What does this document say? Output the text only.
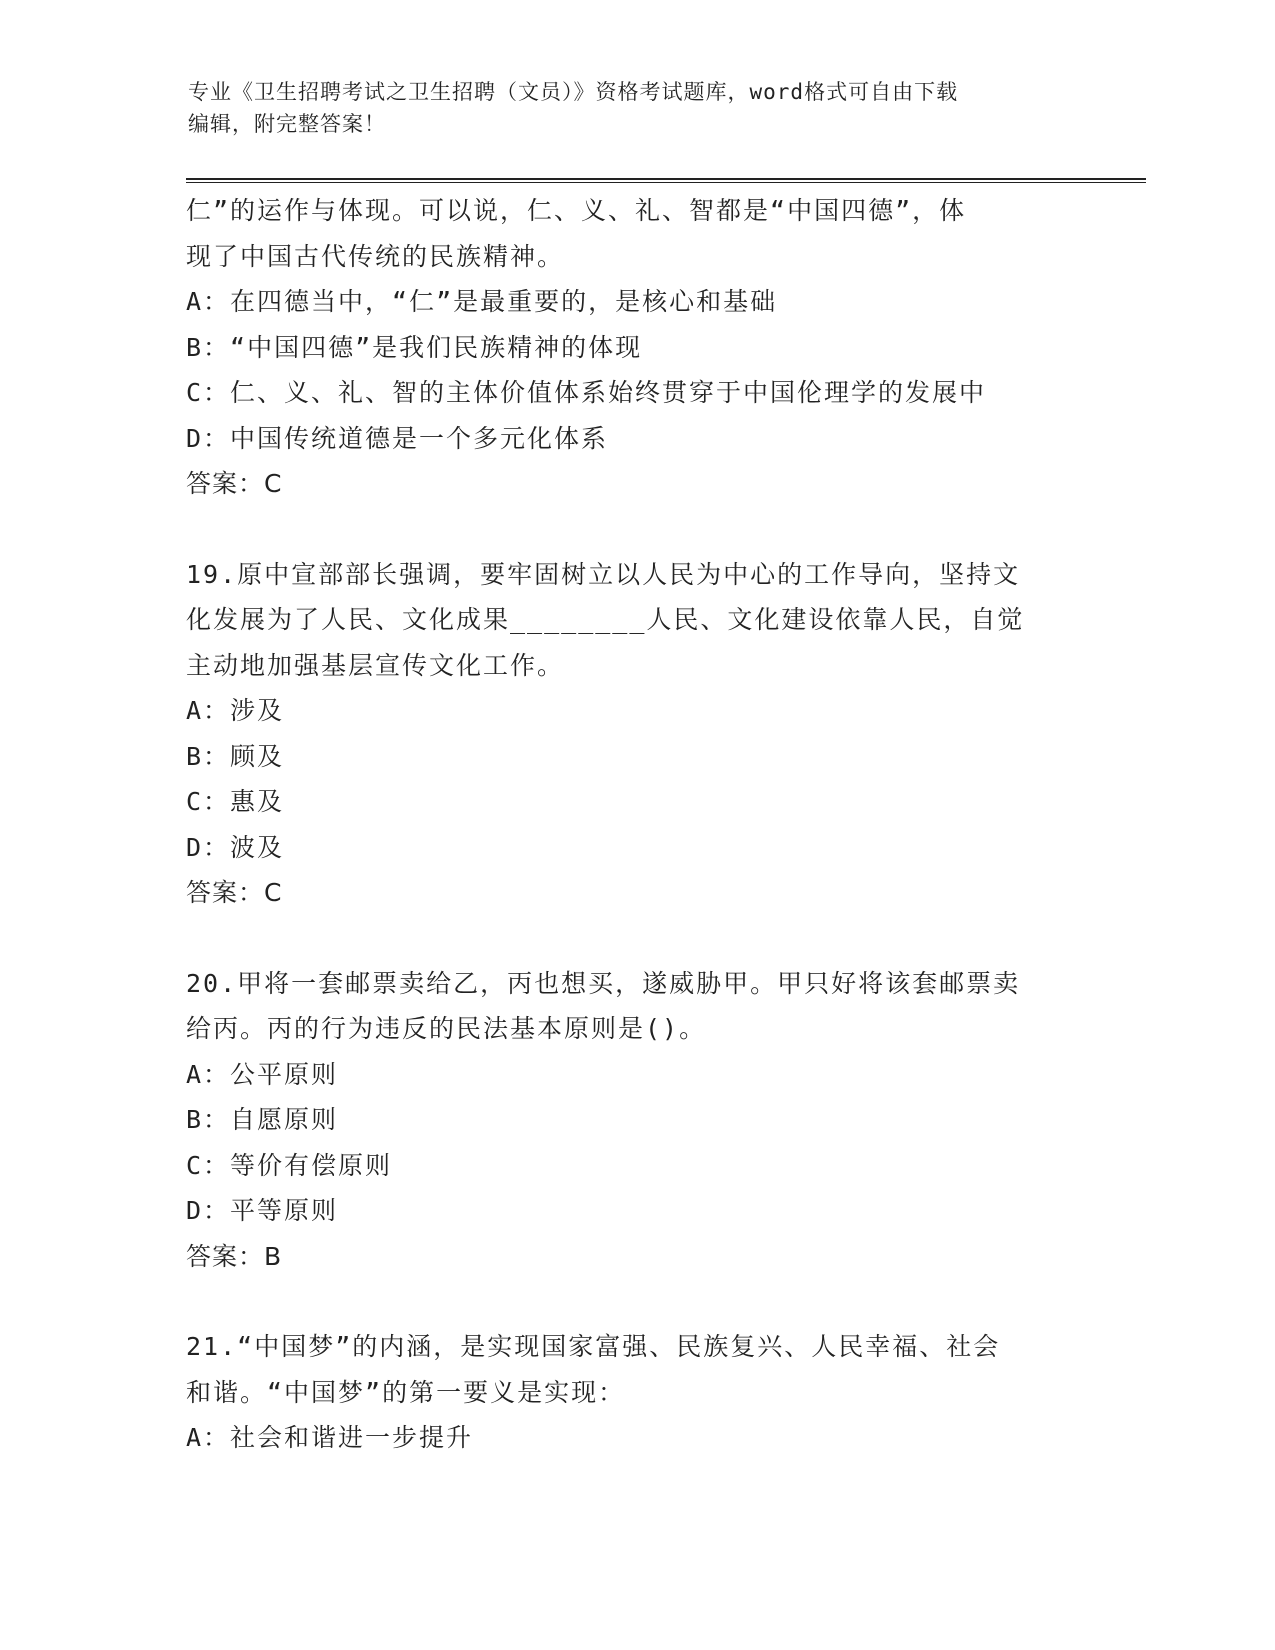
专业《卫生招聘考试之卫生招聘（文员）》资格考试题库，word格式可自由下载
编辑，附完整答案！
仁”的运作与体现。可以说，仁、义、礼、智都是“中国四德”，体
现了中国古代传统的民族精神。
A：在四德当中，“仁”是最重要的，是核心和基础
B：“中国四德”是我们民族精神的体现
C：仁、义、礼、智的主体价值体系始终贯穿于中国伦理学的发展中
D：中国传统道德是一个多元化体系
答案：C
19.原中宣部部长强调，要牢固树立以人民为中心的工作导向，坚持文
化发展为了人民、文化成果________人民、文化建设依靠人民，自觉
主动地加强基层宣传文化工作。
A：涉及
B：顾及
C：惠及
D：波及
答案：C
20.甲将一套邮票卖给乙，丙也想买，遂威胁甲。甲只好将该套邮票卖
给丙。丙的行为违反的民法基本原则是()。
A：公平原则
B：自愿原则
C：等价有偿原则
D：平等原则
答案：B
21.“中国梦”的内涵，是实现国家富强、民族复兴、人民幸福、社会
和谐。“中国梦”的第一要义是实现：
A：社会和谐进一步提升
